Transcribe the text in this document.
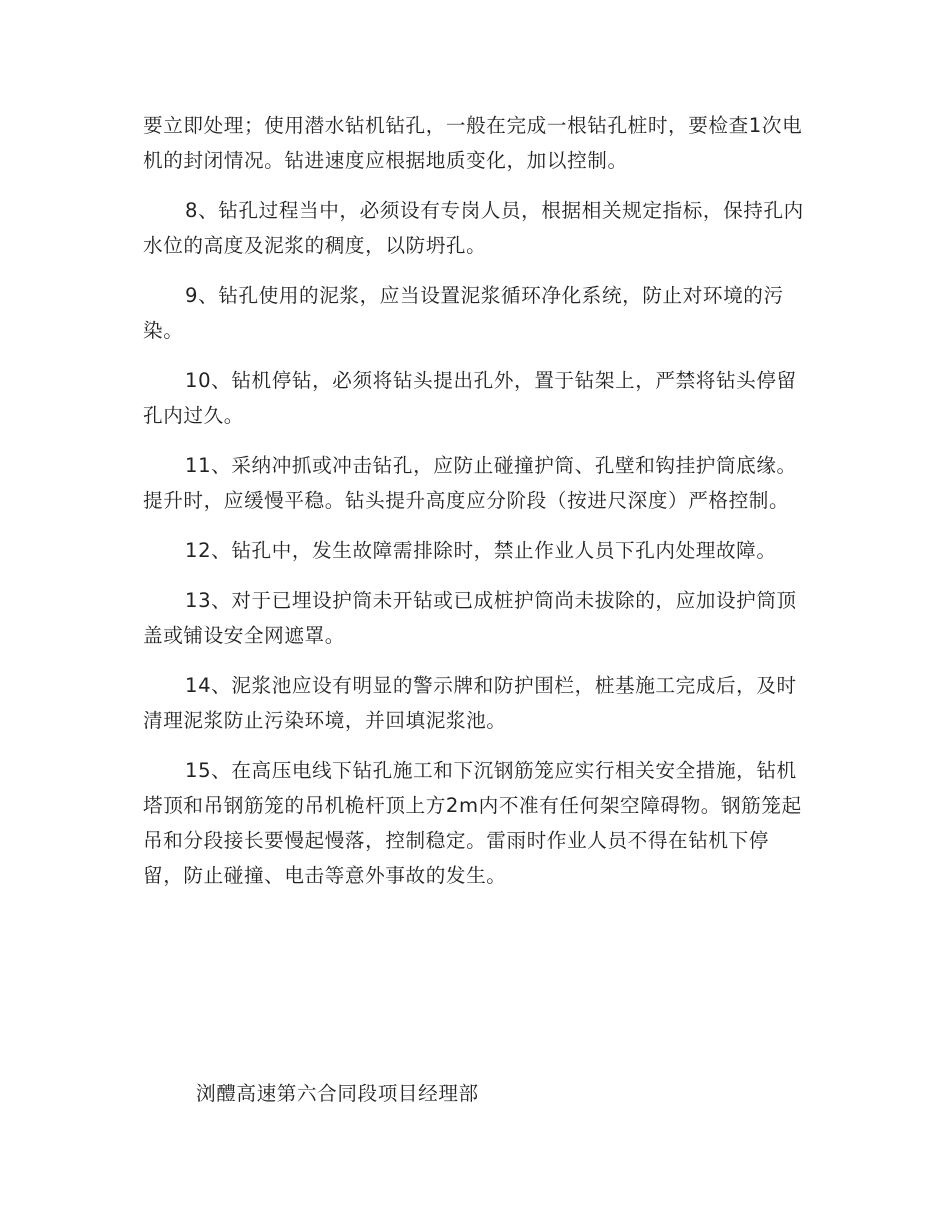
要立即处理；使用潜水钻机钻孔，一般在完成一根钻孔桩时，要检查1次电机的封闭情况。钻进速度应根据地质变化，加以控制。

8、钻孔过程当中，必须设有专岗人员，根据相关规定指标，保持孔内水位的高度及泥浆的稠度，以防坍孔。

9、钻孔使用的泥浆，应当设置泥浆循环净化系统，防止对环境的污染。

10、钻机停钻，必须将钻头提出孔外，置于钻架上，严禁将钻头停留孔内过久。

11、采纳冲抓或冲击钻孔，应防止碰撞护筒、孔壁和钩挂护筒底缘。提升时，应缓慢平稳。钻头提升高度应分阶段（按进尺深度）严格控制。

12、钻孔中，发生故障需排除时，禁止作业人员下孔内处理故障。

13、对于已埋设护筒未开钻或已成桩护筒尚未拔除的，应加设护筒顶盖或铺设安全网遮罩。

14、泥浆池应设有明显的警示牌和防护围栏，桩基施工完成后，及时清理泥浆防止污染环境，并回填泥浆池。

15、在高压电线下钻孔施工和下沉钢筋笼应实行相关安全措施，钻机塔顶和吊钢筋笼的吊机桅杆顶上方2m内不准有任何架空障碍物。钢筋笼起吊和分段接长要慢起慢落，控制稳定。雷雨时作业人员不得在钻机下停留，防止碰撞、电击等意外事故的发生。

浏醴高速第六合同段项目经理部
